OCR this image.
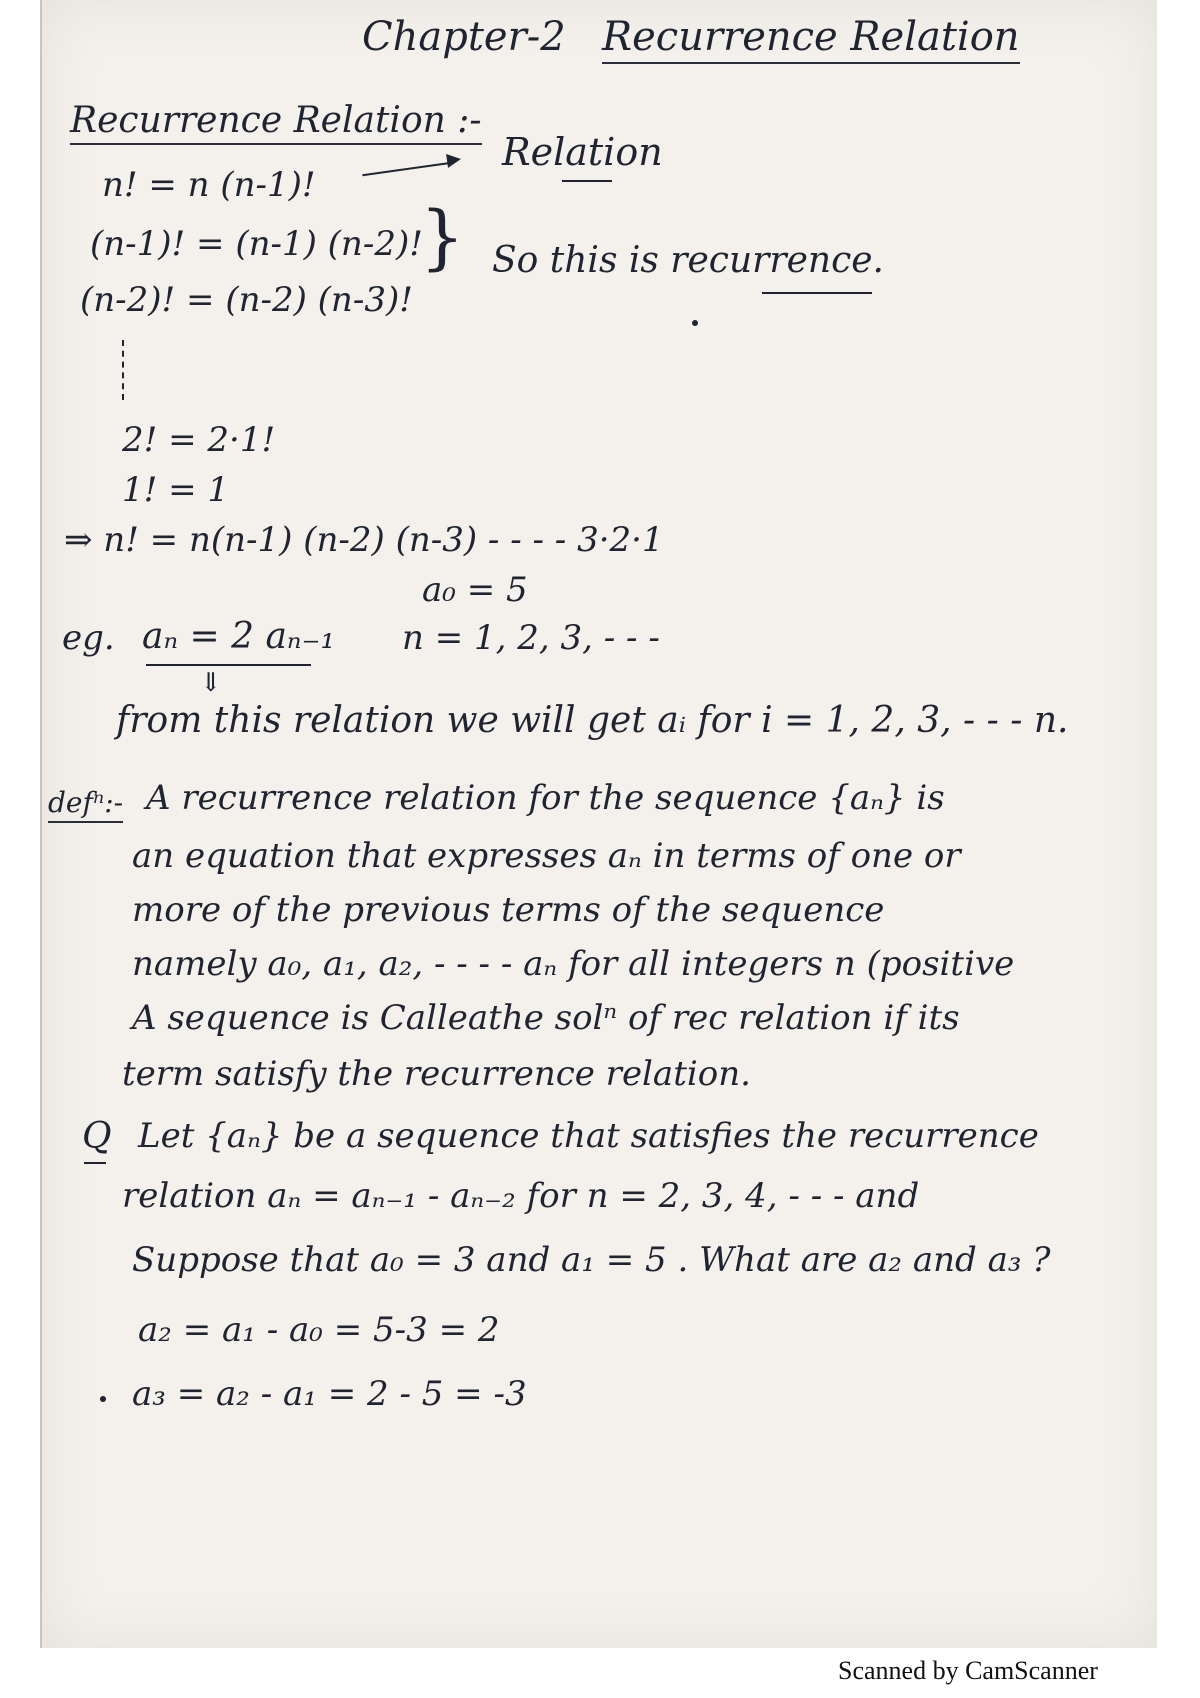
Chapter-2 Recurrence Relation
Recurrence Relation :-
n! = n (n-1)!
Relation
(n-1)! = (n-1) (n-2)!
(n-2)! = (n-2) (n-3)!
} So this is recurrence.
2! = 2·1!
1! = 1
⇒ n! = n(n-1) (n-2) (n-3) - - - - 3·2·1
a₀ = 5
eg. aₙ = 2 aₙ₋₁ n = 1, 2, 3, - - -
⇓
from this relation we will get aᵢ for i = 1, 2, 3, - - - n.
defⁿ:- A recurrence relation for the sequence {aₙ} is
an equation that expresses aₙ in terms of one or
more of the previous terms of the sequence
namely a₀, a₁, a₂, - - - - aₙ for all integers n (positive
A sequence is Calleathe solⁿ of rec relation if its
term satisfy the recurrence relation.
Q Let {aₙ} be a sequence that satisfies the recurrence
relation aₙ = aₙ₋₁ - aₙ₋₂ for n = 2, 3, 4, - - - and
Suppose that a₀ = 3 and a₁ = 5 . What are a₂ and a₃ ?
a₂ = a₁ - a₀ = 5-3 = 2
a₃ = a₂ - a₁ = 2 - 5 = -3
Scanned by CamScanner
